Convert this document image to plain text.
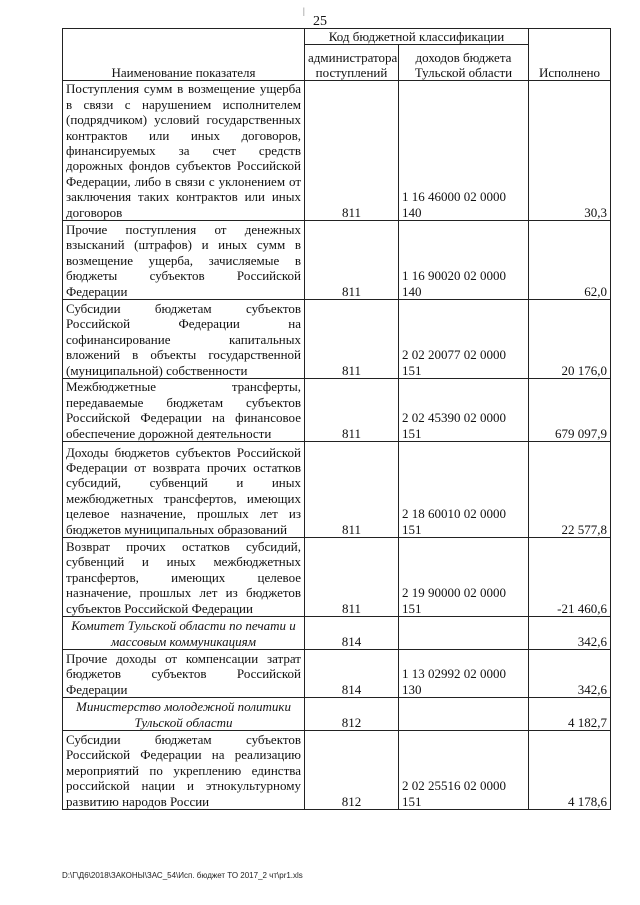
|
25
Наименование показателя	Код бюджетной классификации		Исполнено
	администратора поступлений	доходов бюджета Тульской области	
Поступления сумм в возмещение ущерба в связи с нарушением исполнителем (подрядчиком) условий государственных контрактов или иных договоров, финансируемых за счет средств дорожных фондов субъектов Российской Федерации, либо в связи с уклонением от заключения таких контрактов или иных договоров	811	1 16 46000 02 0000 140	30,3
Прочие поступления от денежных взысканий (штрафов) и иных сумм в возмещение ущерба, зачисляемые в бюджеты субъектов Российской Федерации	811	1 16 90020 02 0000 140	62,0
Субсидии бюджетам субъектов Российской Федерации на софинансирование капитальных вложений в объекты государственной (муниципальной) собственности	811	2 02 20077 02 0000 151	20 176,0
Межбюджетные трансферты, передаваемые бюджетам субъектов Российской Федерации на финансовое обеспечение дорожной деятельности	811	2 02 45390 02 0000 151	679 097,9
Доходы бюджетов субъектов Российской Федерации от возврата прочих остатков субсидий, субвенций и иных межбюджетных трансфертов, имеющих целевое назначение, прошлых лет из бюджетов муниципальных образований	811	2 18 60010 02 0000 151	22 577,8
Возврат прочих остатков субсидий, субвенций и иных межбюджетных трансфертов, имеющих целевое назначение, прошлых лет из бюджетов субъектов Российской Федерации	811	2 19 90000 02 0000 151	-21 460,6
Комитет Тульской области по печати и массовым коммуникациям	814		342,6
Прочие доходы от компенсации затрат бюджетов субъектов Российской Федерации	814	1 13 02992 02 0000 130	342,6
Министерство молодежной политики Тульской области	812		4 182,7
Субсидии бюджетам субъектов Российской Федерации на реализацию мероприятий по укреплению единства российской нации и этнокультурному развитию народов России	812	2 02 25516 02 0000 151	4 178,6
D:\Г\Д6\2018\ЗАКОНЫ\ЗАС_54\Исп. бюджет ТО 2017_2 чт\pr1.xls
